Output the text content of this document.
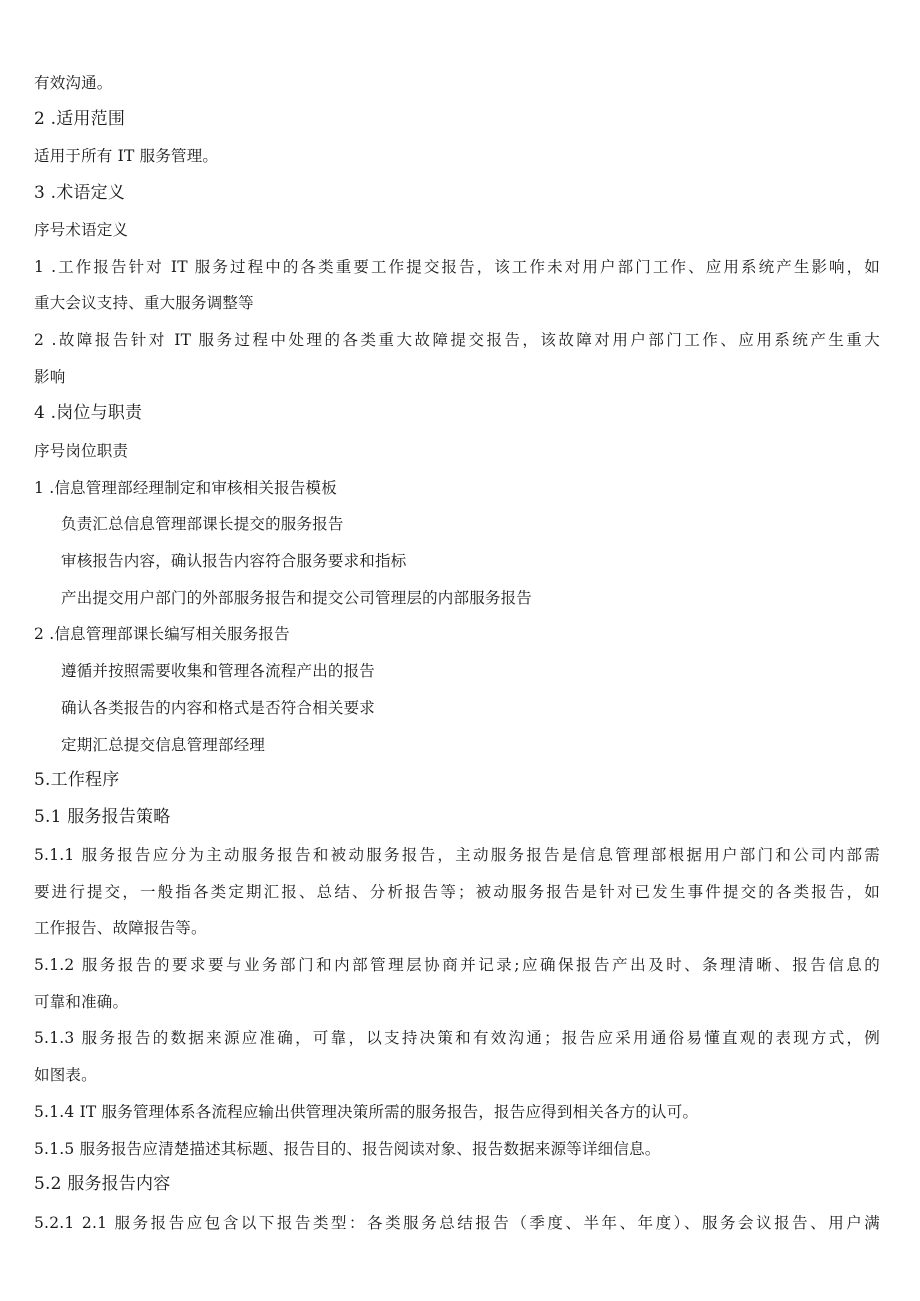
有效沟通。
2 .适用范围
适用于所有 IT 服务管理。
3 .术语定义
序号术语定义
1 .工作报告针对 IT 服务过程中的各类重要工作提交报告，该工作未对用户部门工作、应用系统产生影响，如
重大会议支持、重大服务调整等
2 .故障报告针对 IT 服务过程中处理的各类重大故障提交报告，该故障对用户部门工作、应用系统产生重大
影响
4 .岗位与职责
序号岗位职责
1 .信息管理部经理制定和审核相关报告模板
负责汇总信息管理部课长提交的服务报告
审核报告内容，确认报告内容符合服务要求和指标
产出提交用户部门的外部服务报告和提交公司管理层的内部服务报告
2 .信息管理部课长编写相关服务报告
遵循并按照需要收集和管理各流程产出的报告
确认各类报告的内容和格式是否符合相关要求
定期汇总提交信息管理部经理
5.工作程序
5.1 服务报告策略
5.1.1 服务报告应分为主动服务报告和被动服务报告，主动服务报告是信息管理部根据用户部门和公司内部需
要进行提交，一般指各类定期汇报、总结、分析报告等；被动服务报告是针对已发生事件提交的各类报告，如
工作报告、故障报告等。
5.1.2 服务报告的要求要与业务部门和内部管理层协商并记录;应确保报告产出及时、条理清晰、报告信息的
可靠和准确。
5.1.3 服务报告的数据来源应准确，可靠，以支持决策和有效沟通；报告应采用通俗易懂直观的表现方式，例
如图表。
5.1.4 IT 服务管理体系各流程应输出供管理决策所需的服务报告，报告应得到相关各方的认可。
5.1.5 服务报告应清楚描述其标题、报告目的、报告阅读对象、报告数据来源等详细信息。
5.2 服务报告内容
5.2.1 2.1 服务报告应包含以下报告类型：各类服务总结报告（季度、半年、年度）、服务会议报告、用户满
